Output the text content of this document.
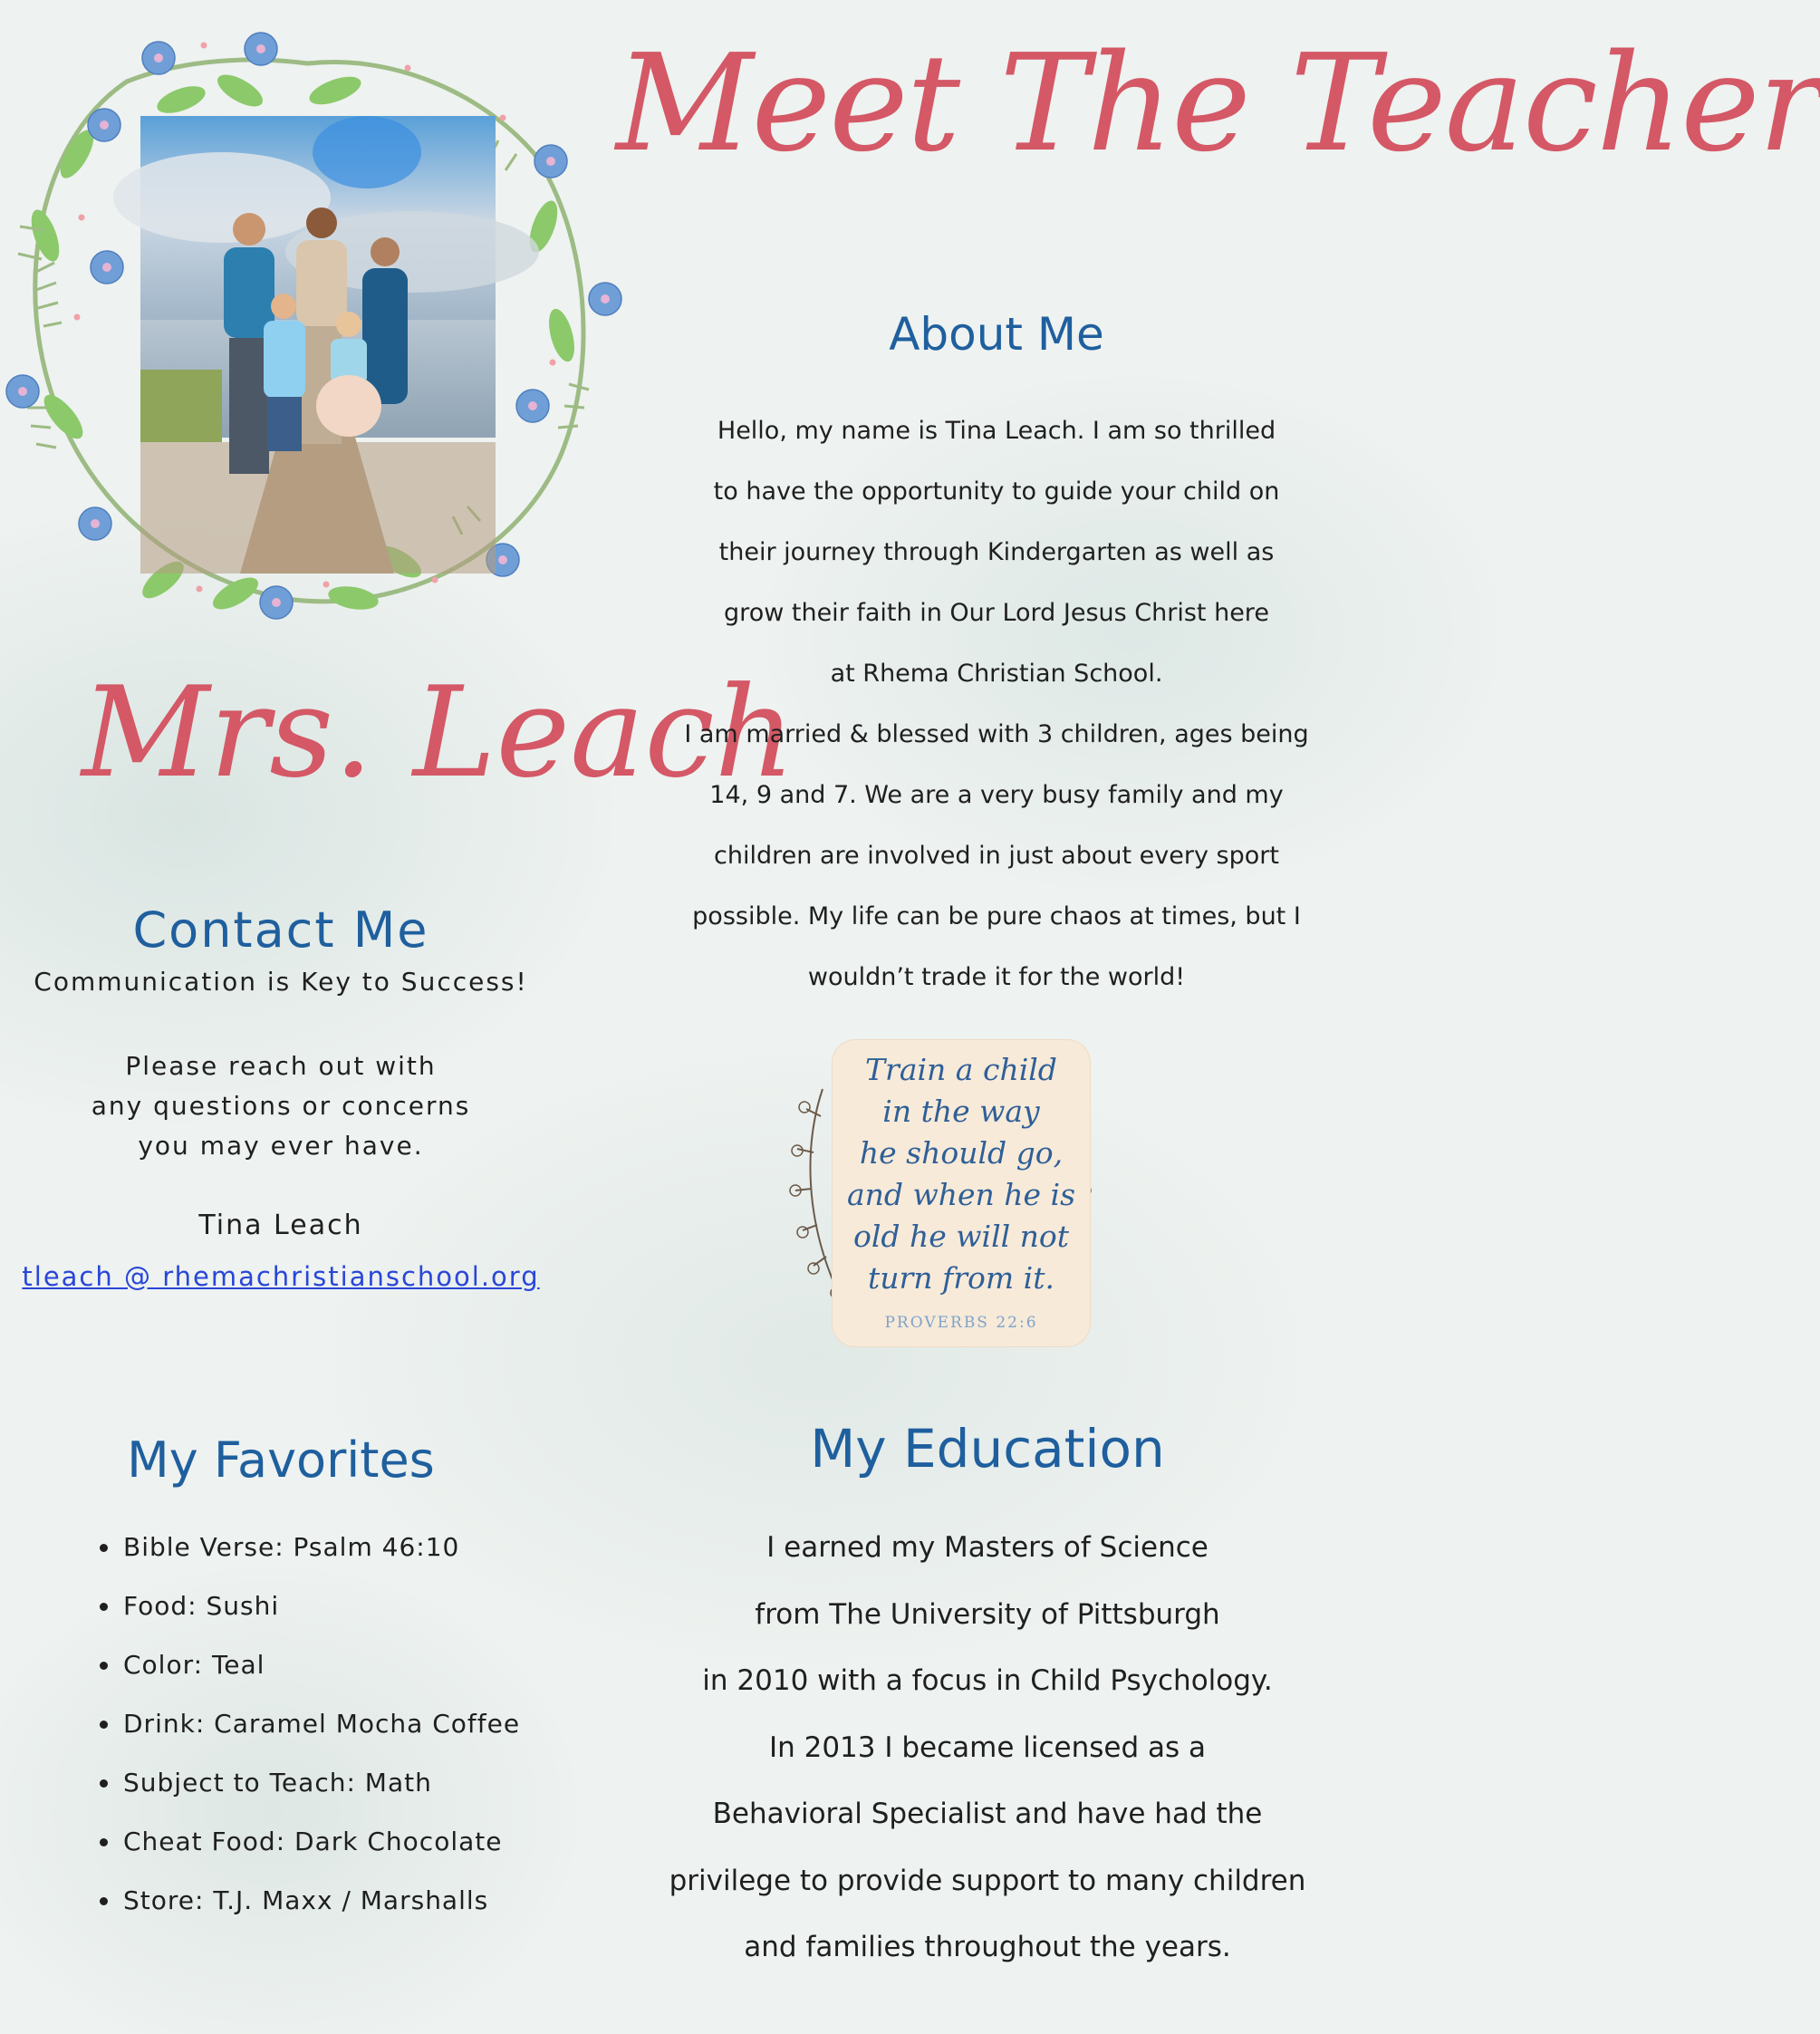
Meet The Teacher
Mrs. Leach
About Me
Hello, my name is Tina Leach. I am so thrilled
to have the opportunity to guide your child on
their journey through Kindergarten as well as
grow their faith in Our Lord Jesus Christ here
at Rhema Christian School.
I am married & blessed with 3 children, ages being
14, 9 and 7. We are a very busy family and my
children are involved in just about every sport
possible. My life can be pure chaos at times, but I
wouldn’t trade it for the world!
Contact Me
Communication is Key to Success!
Please reach out with
any questions or concerns
you may ever have.
Tina Leach
tleach @ rhemachristianschool.org
Train a child
in the way
he should go,
and when he is
old he will not
turn from it.
PROVERBS 22:6
My Favorites
• Bible Verse: Psalm 46:10
• Food: Sushi
• Color: Teal
• Drink: Caramel Mocha Coffee
• Subject to Teach: Math
• Cheat Food: Dark Chocolate
• Store: T.J. Maxx / Marshalls
My Education
I earned my Masters of Science
from The University of Pittsburgh
in 2010 with a focus in Child Psychology.
In 2013 I became licensed as a
Behavioral Specialist and have had the
privilege to provide support to many children
and families throughout the years.
